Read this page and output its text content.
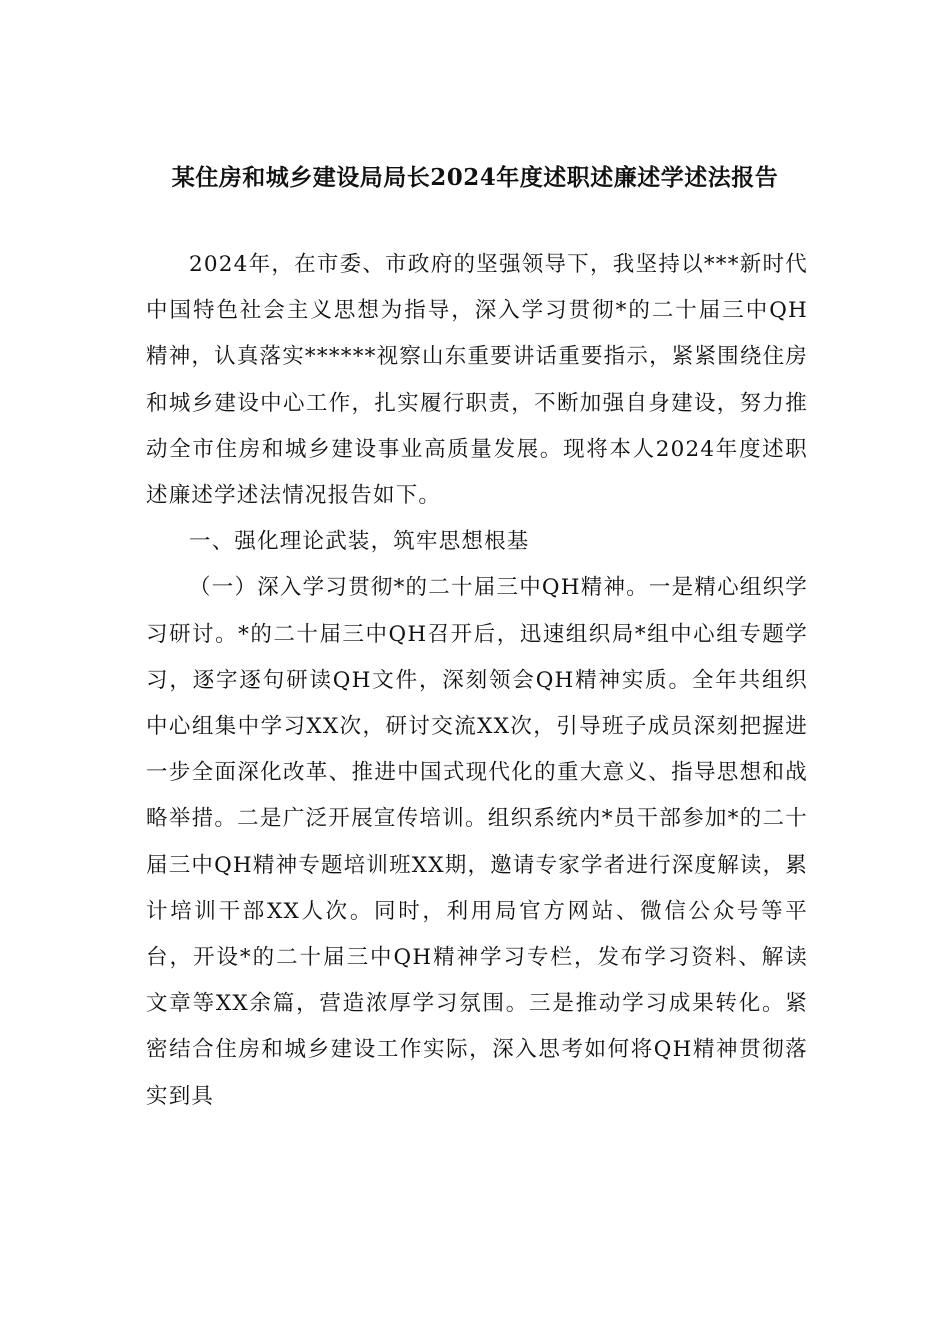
某住房和城乡建设局局长2024年度述职述廉述学述法报告

2024年，在市委、市政府的坚强领导下，我坚持以***新时代中国特色社会主义思想为指导，深入学习贯彻*的二十届三中QH精神，认真落实******视察山东重要讲话重要指示，紧紧围绕住房和城乡建设中心工作，扎实履行职责，不断加强自身建设，努力推动全市住房和城乡建设事业高质量发展。现将本人2024年度述职述廉述学述法情况报告如下。

一、强化理论武装，筑牢思想根基

（一）深入学习贯彻*的二十届三中QH精神。一是精心组织学习研讨。*的二十届三中QH召开后，迅速组织局*组中心组专题学习，逐字逐句研读QH文件，深刻领会QH精神实质。全年共组织中心组集中学习XX次，研讨交流XX次，引导班子成员深刻把握进一步全面深化改革、推进中国式现代化的重大意义、指导思想和战略举措。二是广泛开展宣传培训。组织系统内*员干部参加*的二十届三中QH精神专题培训班XX期，邀请专家学者进行深度解读，累计培训干部XX人次。同时，利用局官方网站、微信公众号等平台，开设*的二十届三中QH精神学习专栏，发布学习资料、解读文章等XX余篇，营造浓厚学习氛围。三是推动学习成果转化。紧密结合住房和城乡建设工作实际，深入思考如何将QH精神贯彻落实到具
